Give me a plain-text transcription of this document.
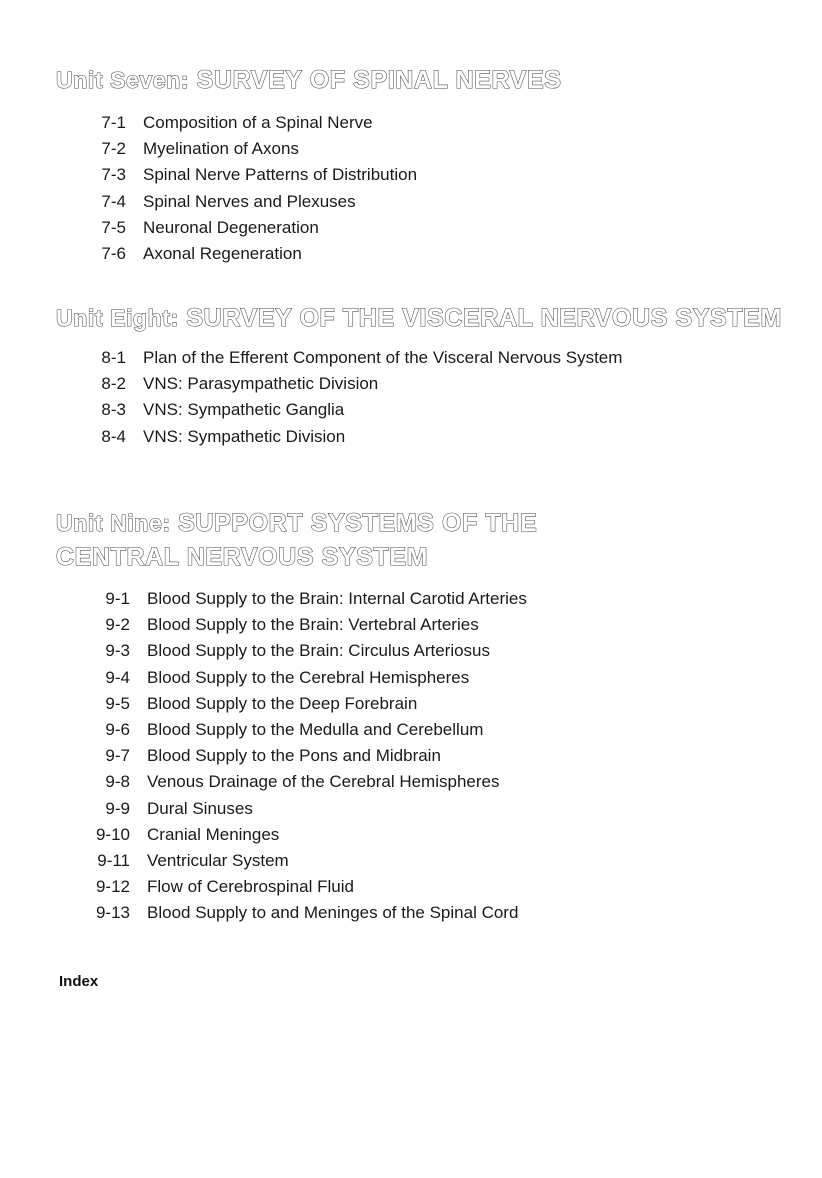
Unit Seven: SURVEY OF SPINAL NERVES
7-1 Composition of a Spinal Nerve
7-2 Myelination of Axons
7-3 Spinal Nerve Patterns of Distribution
7-4 Spinal Nerves and Plexuses
7-5 Neuronal Degeneration
7-6 Axonal Regeneration
Unit Eight: SURVEY OF THE VISCERAL NERVOUS SYSTEM
8-1 Plan of the Efferent Component of the Visceral Nervous System
8-2 VNS: Parasympathetic Division
8-3 VNS: Sympathetic Ganglia
8-4 VNS: Sympathetic Division
Unit Nine: SUPPORT SYSTEMS OF THE
CENTRAL NERVOUS SYSTEM
9-1 Blood Supply to the Brain: Internal Carotid Arteries
9-2 Blood Supply to the Brain: Vertebral Arteries
9-3 Blood Supply to the Brain: Circulus Arteriosus
9-4 Blood Supply to the Cerebral Hemispheres
9-5 Blood Supply to the Deep Forebrain
9-6 Blood Supply to the Medulla and Cerebellum
9-7 Blood Supply to the Pons and Midbrain
9-8 Venous Drainage of the Cerebral Hemispheres
9-9 Dural Sinuses
9-10 Cranial Meninges
9-11 Ventricular System
9-12 Flow of Cerebrospinal Fluid
9-13 Blood Supply to and Meninges of the Spinal Cord

Index
